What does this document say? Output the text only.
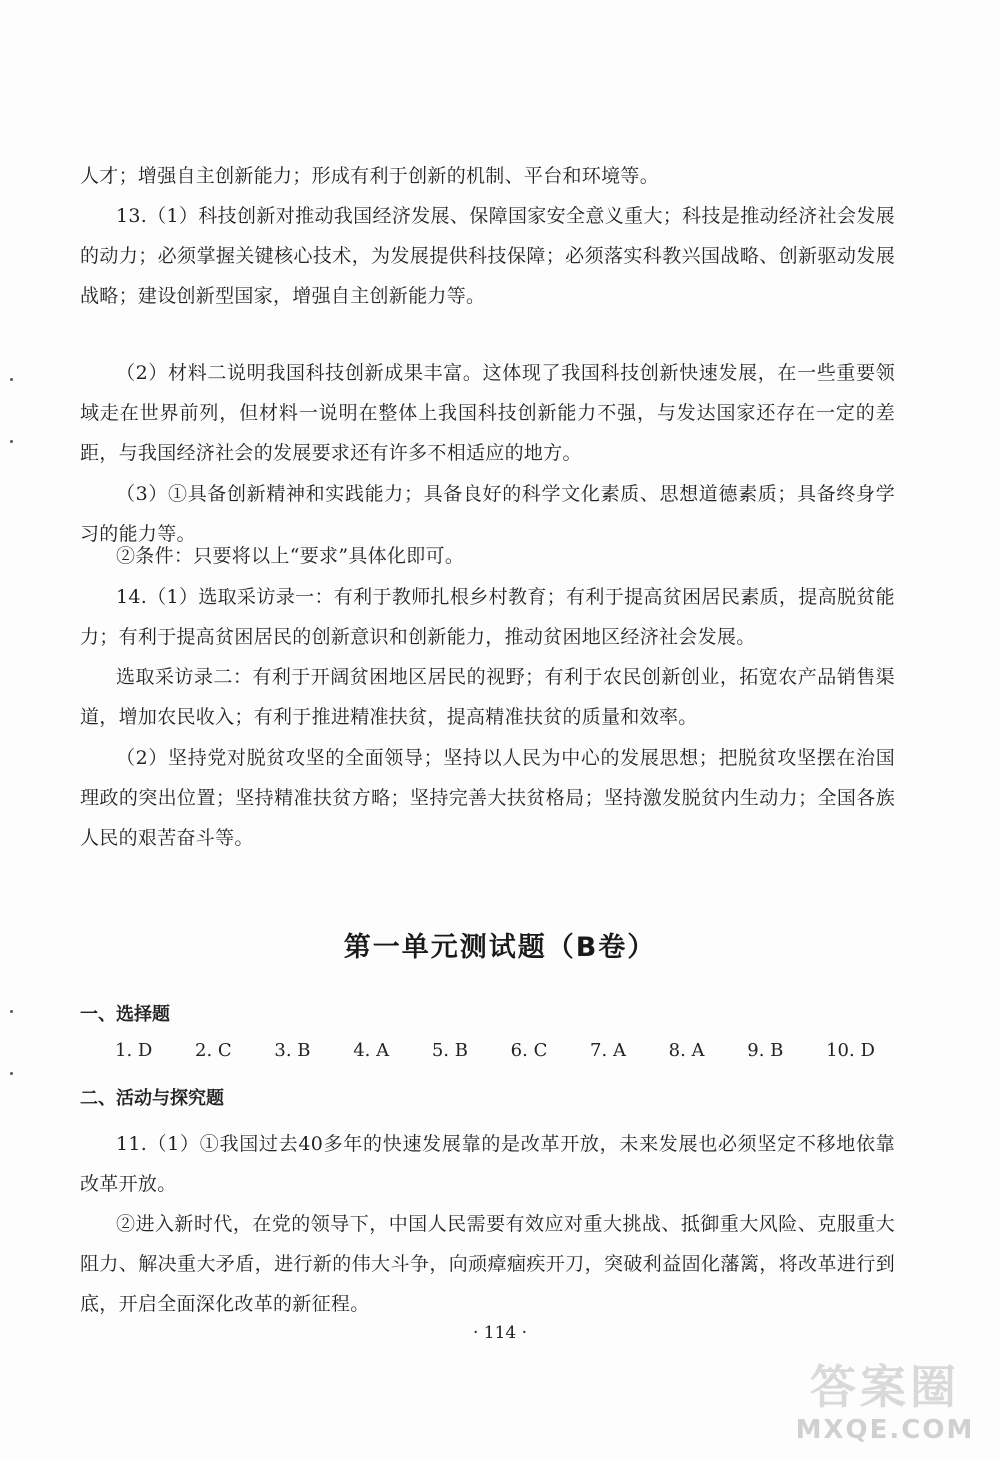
人才；增强自主创新能力；形成有利于创新的机制、平台和环境等。

13.（1）科技创新对推动我国经济发展、保障国家安全意义重大；科技是推动经济社会发展的动力；必须掌握关键核心技术，为发展提供科技保障；必须落实科教兴国战略、创新驱动发展战略；建设创新型国家，增强自主创新能力等。

（2）材料二说明我国科技创新成果丰富。这体现了我国科技创新快速发展，在一些重要领域走在世界前列，但材料一说明在整体上我国科技创新能力不强，与发达国家还存在一定的差距，与我国经济社会的发展要求还有许多不相适应的地方。

（3）①具备创新精神和实践能力；具备良好的科学文化素质、思想道德素质；具备终身学习的能力等。

②条件：只要将以上“要求”具体化即可。

14.（1）选取采访录一：有利于教师扎根乡村教育；有利于提高贫困居民素质，提高脱贫能力；有利于提高贫困居民的创新意识和创新能力，推动贫困地区经济社会发展。

选取采访录二：有利于开阔贫困地区居民的视野；有利于农民创新创业，拓宽农产品销售渠道，增加农民收入；有利于推进精准扶贫，提高精准扶贫的质量和效率。

（2）坚持党对脱贫攻坚的全面领导；坚持以人民为中心的发展思想；把脱贫攻坚摆在治国理政的突出位置；坚持精准扶贫方略；坚持完善大扶贫格局；坚持激发脱贫内生动力；全国各族人民的艰苦奋斗等。

第一单元测试题（B卷）
一、选择题
1. D 2. C 3. B 4. A 5. B 6. C 7. A 8. A 9. B 10. D
二、活动与探究题

11.（1）①我国过去40多年的快速发展靠的是改革开放，未来发展也必须坚定不移地依靠改革开放。

②进入新时代，在党的领导下，中国人民需要有效应对重大挑战、抵御重大风险、克服重大阻力、解决重大矛盾，进行新的伟大斗争，向顽瘴痼疾开刀，突破利益固化藩篱，将改革进行到底，开启全面深化改革的新征程。

· 114 ·
答案圈
MXQE.COM
